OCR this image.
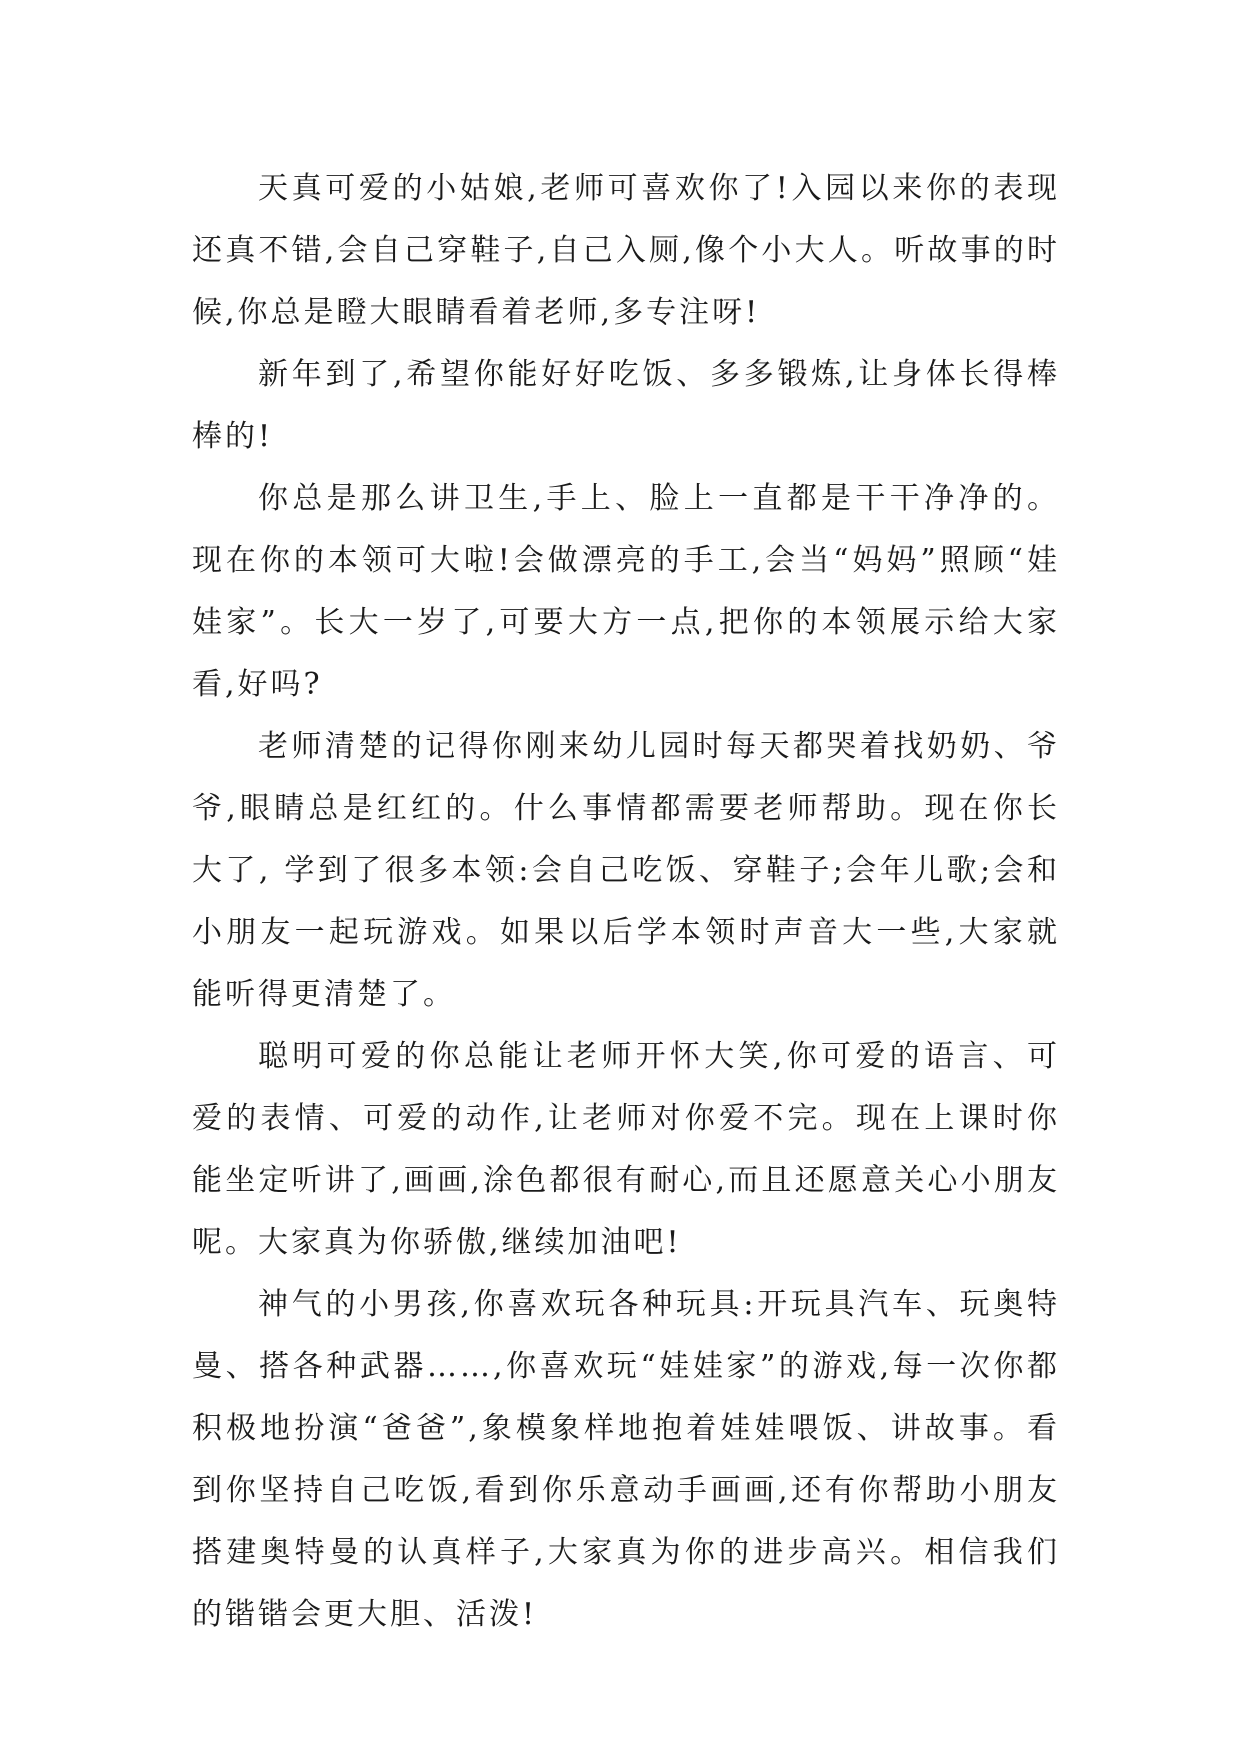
天真可爱的小姑娘,老师可喜欢你了!入园以来你的表现还真不错,会自己穿鞋子,自己入厕,像个小大人。听故事的时候,你总是瞪大眼睛看着老师,多专注呀!

新年到了,希望你能好好吃饭、多多锻炼,让身体长得棒棒的!

你总是那么讲卫生,手上、脸上一直都是干干净净的。现在你的本领可大啦!会做漂亮的手工,会当“妈妈”照顾“娃娃家”。长大一岁了,可要大方一点,把你的本领展示给大家看,好吗?

老师清楚的记得你刚来幼儿园时每天都哭着找奶奶、爷爷,眼睛总是红红的。什么事情都需要老师帮助。现在你长大了, 学到了很多本领:会自己吃饭、穿鞋子;会年儿歌;会和小朋友一起玩游戏。如果以后学本领时声音大一些,大家就能听得更清楚了。

聪明可爱的你总能让老师开怀大笑,你可爱的语言、可爱的表情、可爱的动作,让老师对你爱不完。现在上课时你能坐定听讲了,画画,涂色都很有耐心,而且还愿意关心小朋友呢。大家真为你骄傲,继续加油吧!

神气的小男孩,你喜欢玩各种玩具:开玩具汽车、玩奥特曼、搭各种武器……,你喜欢玩“娃娃家”的游戏,每一次你都积极地扮演“爸爸”,象模象样地抱着娃娃喂饭、讲故事。看到你坚持自己吃饭,看到你乐意动手画画,还有你帮助小朋友搭建奥特曼的认真样子,大家真为你的进步高兴。相信我们的锴锴会更大胆、活泼!
